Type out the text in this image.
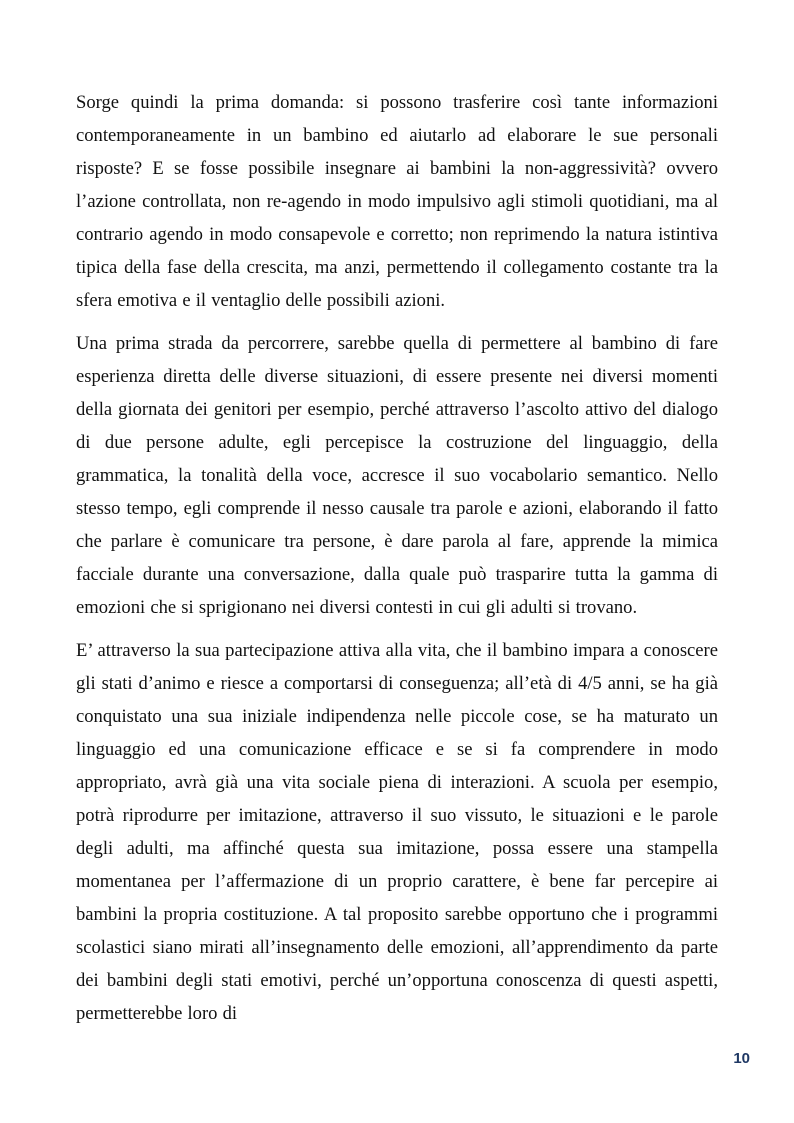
Sorge quindi la prima domanda: si possono trasferire così tante informazioni contemporaneamente in un bambino ed aiutarlo ad elaborare le sue personali risposte? E se fosse possibile insegnare ai bambini la non-aggressività? ovvero l’azione controllata, non re-agendo in modo impulsivo agli stimoli quotidiani, ma al contrario agendo in modo consapevole e corretto; non reprimendo la natura istintiva tipica della fase della crescita, ma anzi, permettendo il collegamento costante tra la sfera emotiva e il ventaglio delle possibili azioni.

Una prima strada da percorrere, sarebbe quella di permettere al bambino di fare esperienza diretta delle diverse situazioni, di essere presente nei diversi momenti della giornata dei genitori per esempio, perché attraverso l’ascolto attivo del dialogo di due persone adulte, egli percepisce la costruzione del linguaggio, della grammatica, la tonalità della voce, accresce il suo vocabolario semantico. Nello stesso tempo, egli comprende il nesso causale tra parole e azioni, elaborando il fatto che parlare è comunicare tra persone, è dare parola al fare, apprende la mimica facciale durante una conversazione, dalla quale può trasparire tutta la gamma di emozioni che si sprigionano nei diversi contesti in cui gli adulti si trovano.

E’ attraverso la sua partecipazione attiva alla vita, che il bambino impara a conoscere gli stati d’animo e riesce a comportarsi di conseguenza; all’età di 4/5 anni, se ha già conquistato una sua iniziale indipendenza nelle piccole cose, se ha maturato un linguaggio ed una comunicazione efficace e se si fa comprendere in modo appropriato, avrà già una vita sociale piena di interazioni. A scuola per esempio, potrà riprodurre per imitazione, attraverso il suo vissuto, le situazioni e le parole degli adulti, ma affinché questa sua imitazione, possa essere una stampella momentanea per l’affermazione di un proprio carattere, è bene far percepire ai bambini la propria costituzione. A tal proposito sarebbe opportuno che i programmi scolastici siano mirati all’insegnamento delle emozioni, all’apprendimento da parte dei bambini degli stati emotivi, perché un’opportuna conoscenza di questi aspetti, permetterebbe loro di

10
